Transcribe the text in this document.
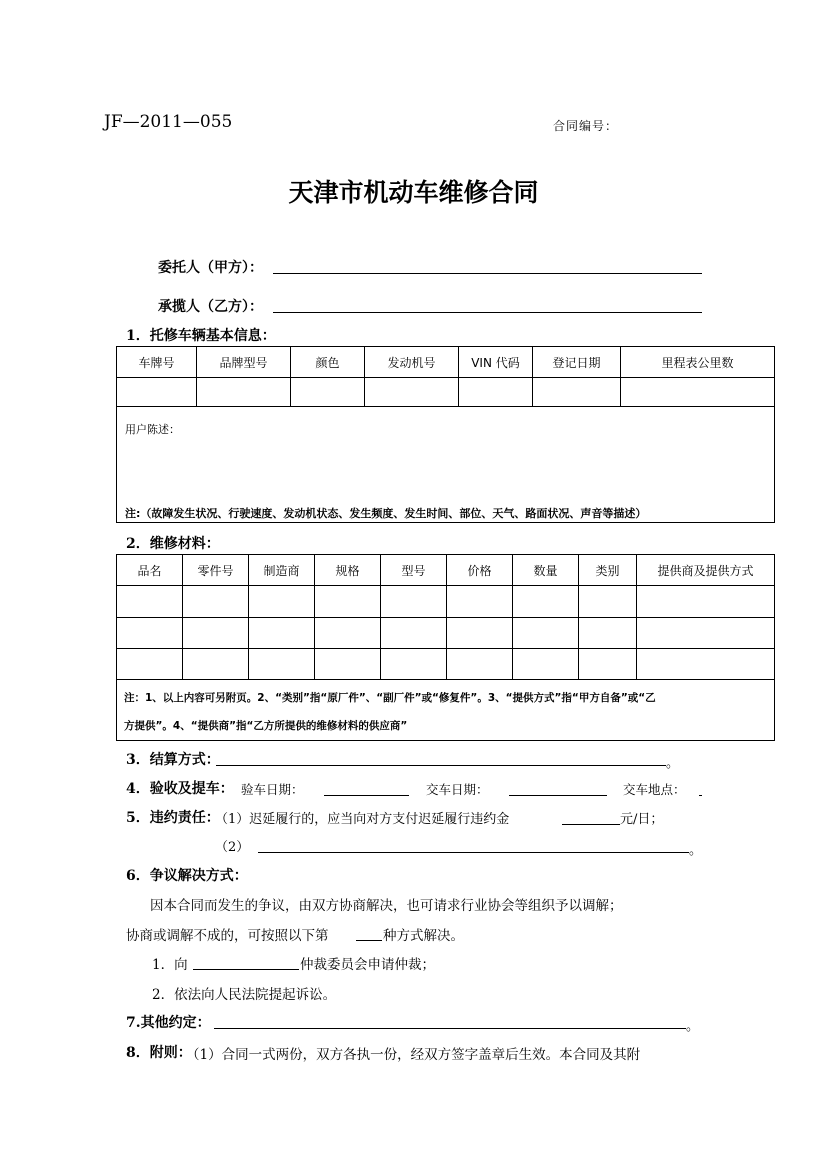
JF—2011—055	合同编号：
天津市机动车维修合同
委托人（甲方）：
承揽人（乙方）：
1．托修车辆基本信息：
车牌号	品牌型号	颜色	发动机号	VIN 代码	登记日期	里程表公里数

用户陈述：
注:（故障发生状况、行驶速度、发动机状态、发生频度、发生时间、部位、天气、路面状况、声音等描述）						
2．维修材料：
品名	零件号	制造商	规格	型号	价格	数量	类别	提供商及提供方式

注：1、以上内容可另附页。2、“类别”指“原厂件”、“副厂件”或“修复件”。3、“提供方式”指“甲方自备”或“乙
方提供”。4、“提供商”指“乙方所提供的维修材料的供应商”								
3．结算方式：	。
4．验收及提车： 验车日期：	交车日期：	交车地点：
5．违约责任：
（1）迟延履行的，应当向对方支付迟延履行违约金	元/日；
（2）	。
6．争议解决方式：
因本合同而发生的争议，由双方协商解决，也可请求行业协会等组织予以调解；
协商或调解不成的，可按照以下第	种方式解决。
1．向	仲裁委员会申请仲裁；
2．依法向人民法院提起诉讼。
7.其他约定：	。
8．附则：
（1）合同一式两份，双方各执一份，经双方签字盖章后生效。本合同及其附
